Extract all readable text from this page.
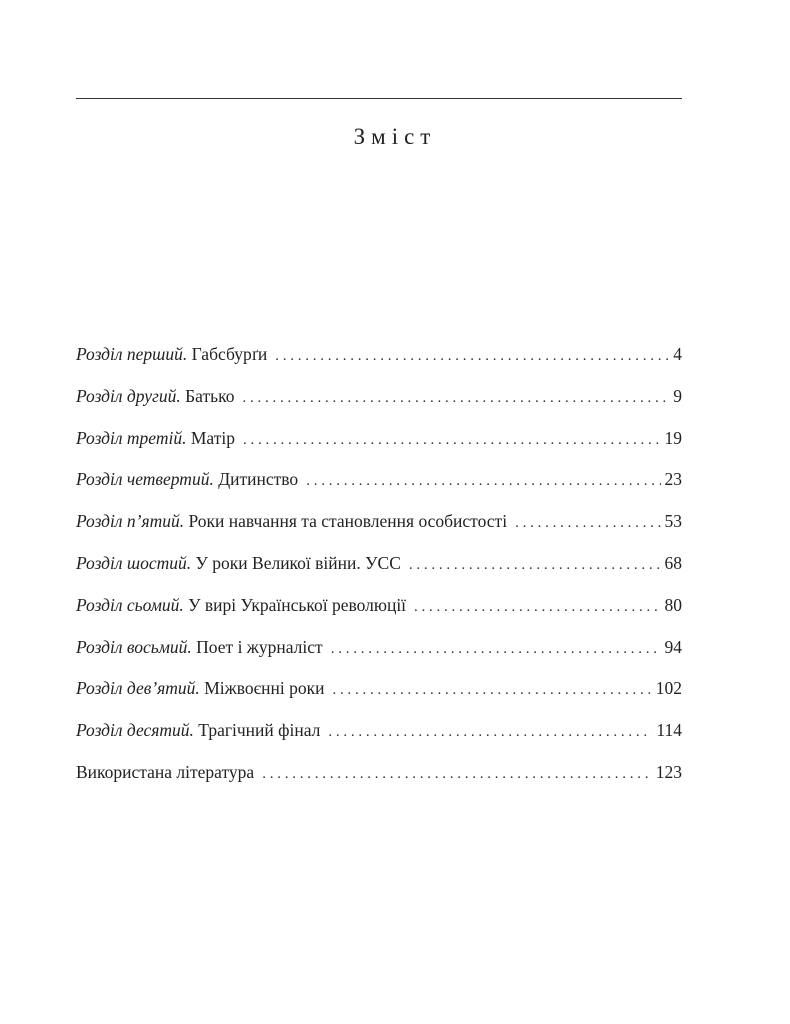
Зміст
Розділ перший. Габсбурґи . . .	4
Розділ другий. Батько . . .	9
Розділ третій. Матір . . .	19
Розділ четвертий. Дитинство . . .	23
Розділ п’ятий. Роки навчання та становлення особистості . . .	53
Розділ шостий. У роки Великої війни. УСС . . .	68
Розділ сьомий. У вирі Української революції . . .	80
Розділ восьмий. Поет і журналіст . . .	94
Розділ дев’ятий. Міжвоєнні роки . . .	102
Розділ десятий. Трагічний фінал . . .	114
Використана література . . .	123
